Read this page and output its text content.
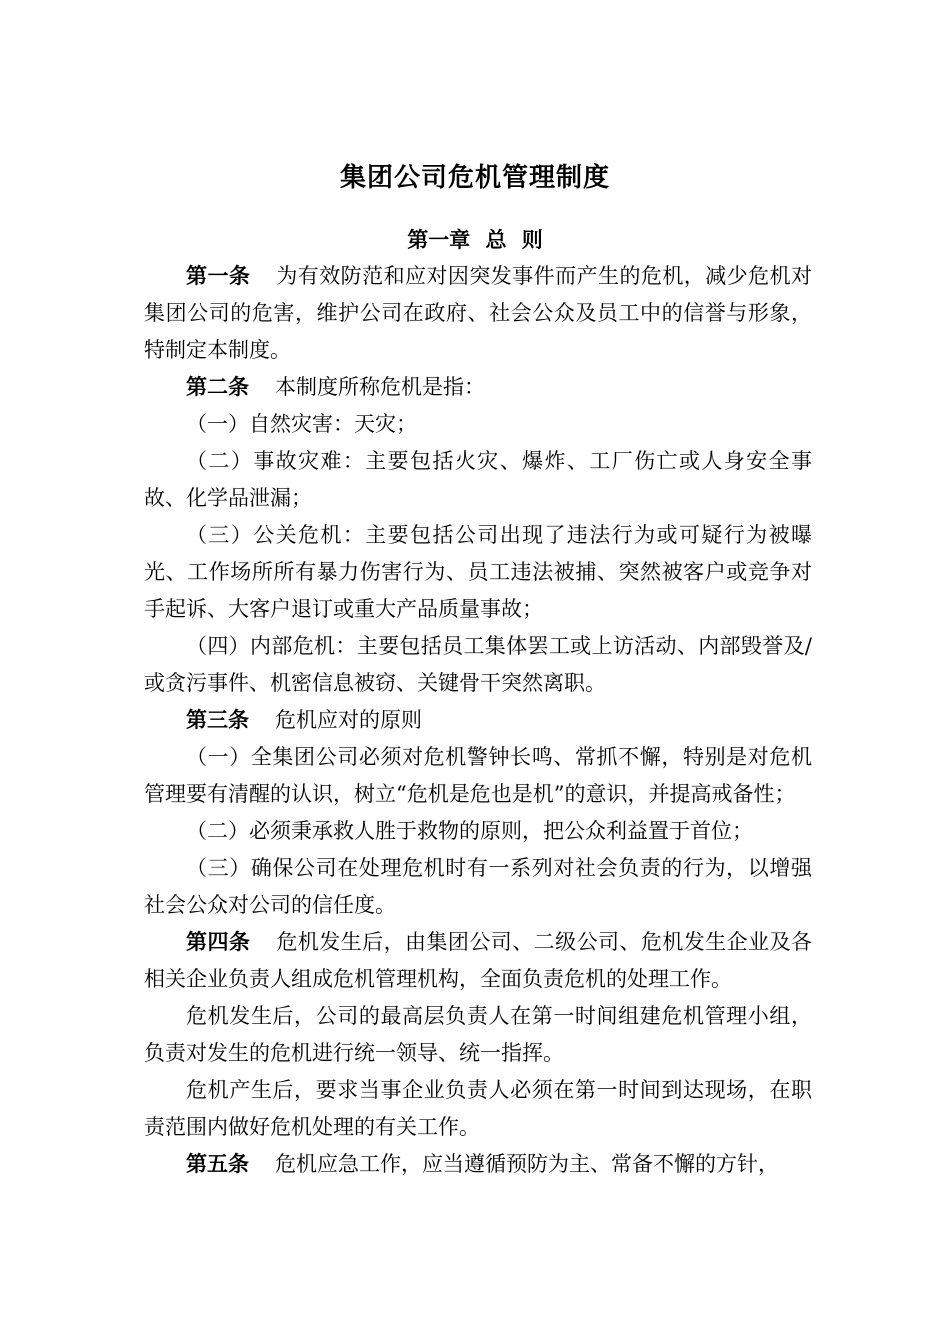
集团公司危机管理制度
第一章 总 则

第一条 为有效防范和应对因突发事件而产生的危机，减少危机对集团公司的危害，维护公司在政府、社会公众及员工中的信誉与形象，特制定本制度。

第二条 本制度所称危机是指：

（一）自然灾害：天灾；

（二）事故灾难：主要包括火灾、爆炸、工厂伤亡或人身安全事故、化学品泄漏；

（三）公关危机：主要包括公司出现了违法行为或可疑行为被曝光、工作场所所有暴力伤害行为、员工违法被捕、突然被客户或竞争对手起诉、大客户退订或重大产品质量事故；

（四）内部危机：主要包括员工集体罢工或上访活动、内部毁誉及/或贪污事件、机密信息被窃、关键骨干突然离职。

第三条 危机应对的原则

（一）全集团公司必须对危机警钟长鸣、常抓不懈，特别是对危机管理要有清醒的认识，树立“危机是危也是机”的意识，并提高戒备性；

（二）必须秉承救人胜于救物的原则，把公众利益置于首位；

（三）确保公司在处理危机时有一系列对社会负责的行为，以增强社会公众对公司的信任度。

第四条 危机发生后，由集团公司、二级公司、危机发生企业及各相关企业负责人组成危机管理机构，全面负责危机的处理工作。

危机发生后，公司的最高层负责人在第一时间组建危机管理小组，负责对发生的危机进行统一领导、统一指挥。

危机产生后，要求当事企业负责人必须在第一时间到达现场，在职责范围内做好危机处理的有关工作。

第五条 危机应急工作，应当遵循预防为主、常备不懈的方针，
